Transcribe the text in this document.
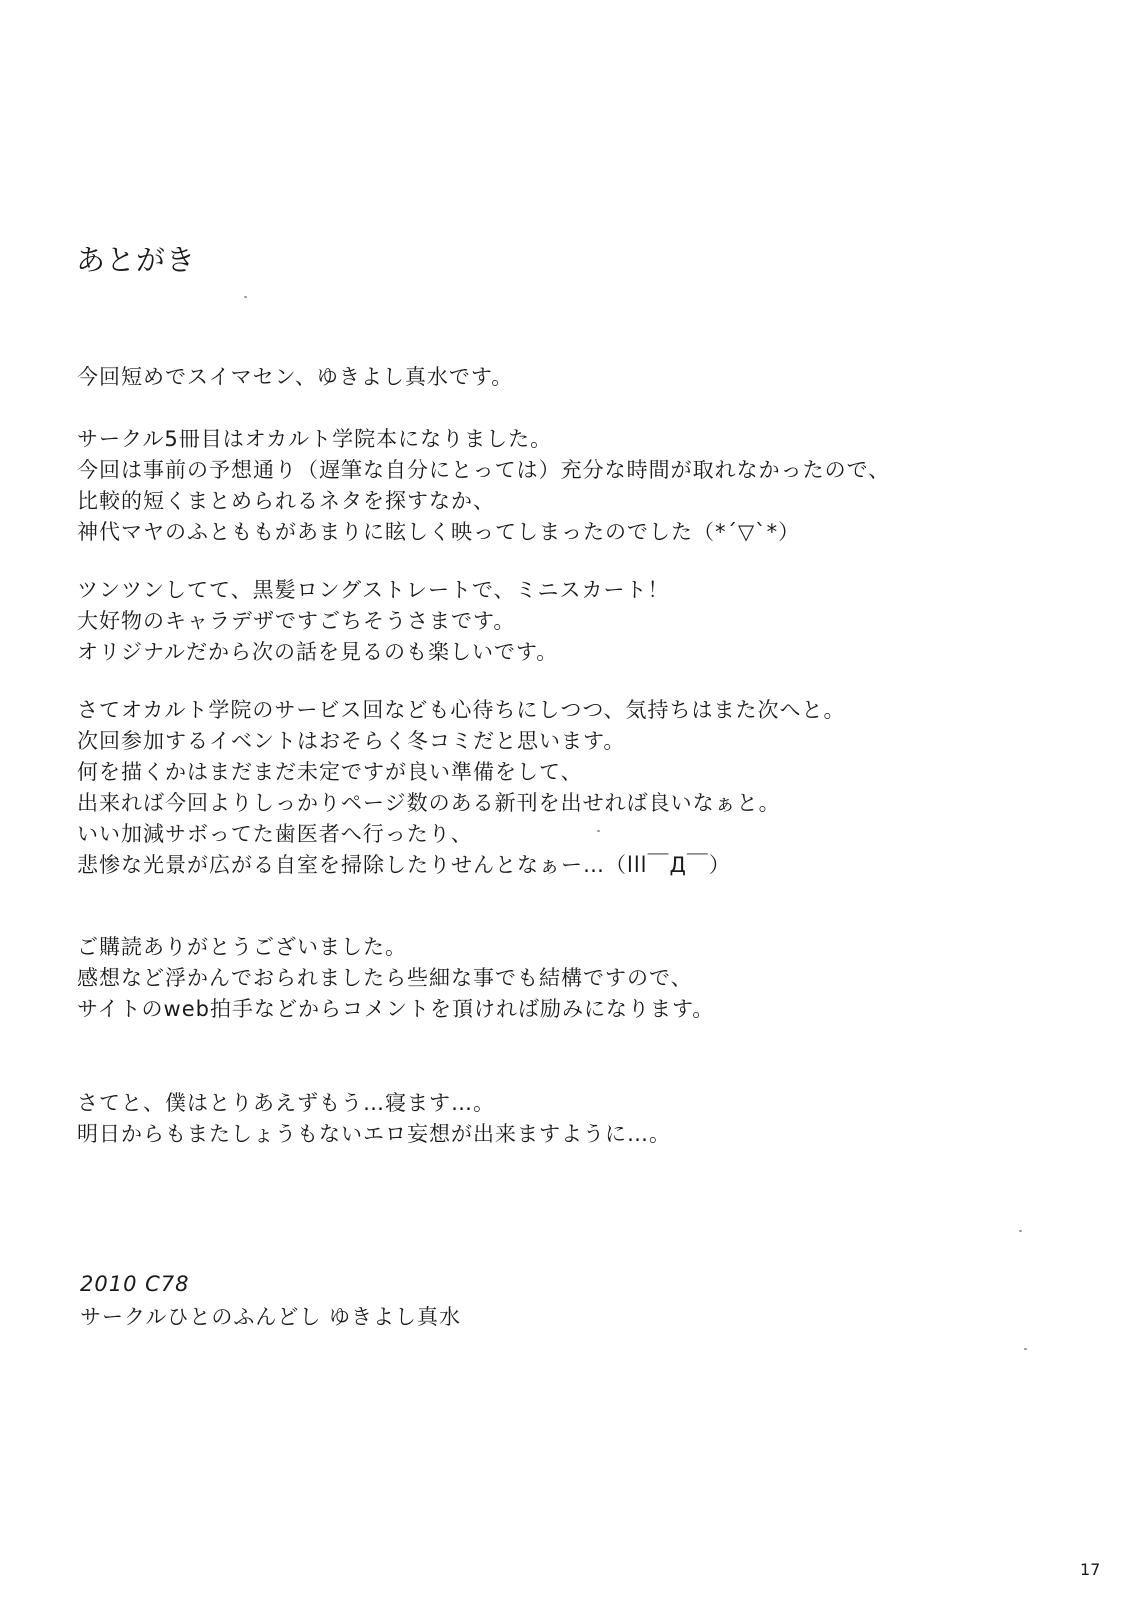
あとがき
今回短めでスイマセン、ゆきよし真水です。
サークル5冊目はオカルト学院本になりました。
今回は事前の予想通り（遅筆な自分にとっては）充分な時間が取れなかったので、
比較的短くまとめられるネタを探すなか、
神代マヤのふとももがあまりに眩しく映ってしまったのでした（*´▽`*）
ツンツンしてて、黒髪ロングストレートで、ミニスカート！
大好物のキャラデザですごちそうさまです。
オリジナルだから次の話を見るのも楽しいです。
さてオカルト学院のサービス回なども心待ちにしつつ、気持ちはまた次へと。
次回参加するイベントはおそらく冬コミだと思います。
何を描くかはまだまだ未定ですが良い準備をして、
出来れば今回よりしっかりページ数のある新刊を出せれば良いなぁと。
いい加減サボってた歯医者へ行ったり、
悲惨な光景が広がる自室を掃除したりせんとなぁー…（lll￣Д￣）
ご購読ありがとうございました。
感想など浮かんでおられましたら些細な事でも結構ですので、
サイトのweb拍手などからコメントを頂ければ励みになります。
さてと、僕はとりあえずもう…寝ます…。
明日からもまたしょうもないエロ妄想が出来ますように…。
2010 C78
サークルひとのふんどし ゆきよし真水
17
